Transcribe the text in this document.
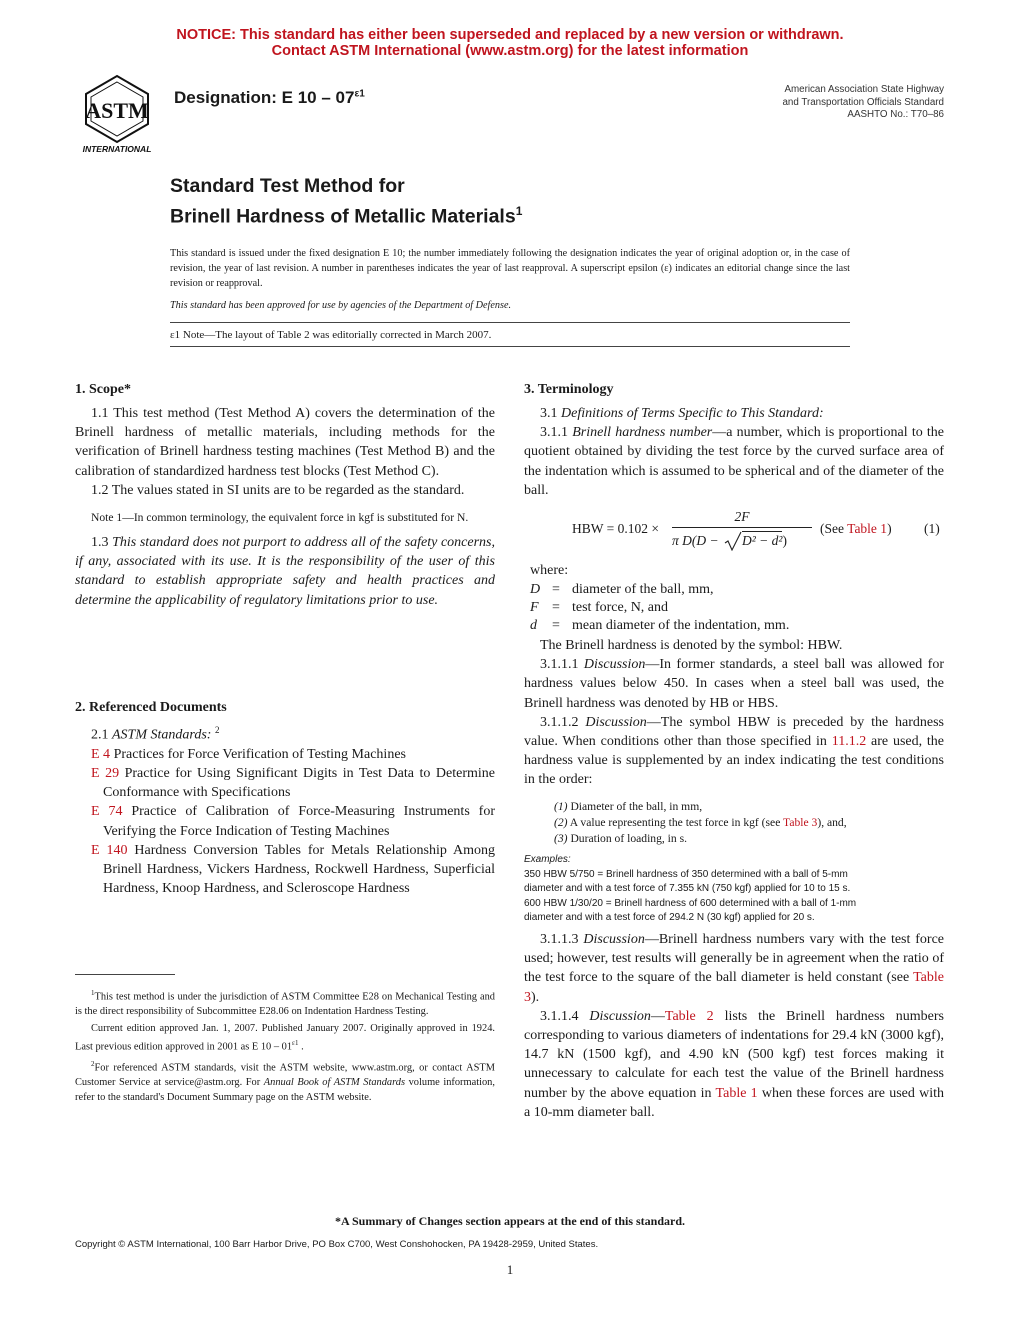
NOTICE: This standard has either been superseded and replaced by a new version or withdrawn.
Contact ASTM International (www.astm.org) for the latest information
ASTM
INTERNATIONAL
Designation: E $10 - 07^{\varepsilon 1}$	American Association State Highway
and Transportation Officials Standard
AASHTO No.: T70–86
Standard Test Method for
Brinell Hardness of Metallic Materials$^1$
This standard is issued under the fixed designation E 10; the number immediately following the designation indicates the year of original adoption or, in the case of revision, the year of last revision. A number in parentheses indicates the year of last reapproval. A superscript epsilon (ε) indicates an editorial change since the last revision or reapproval.
This standard has been approved for use by agencies of the Department of Defense.
ε1 Note—The layout of Table 2 was editorially corrected in March 2007.
1. Scope*

1.1 This test method (Test Method A) covers the determination of the Brinell hardness of metallic materials, including methods for the verification of Brinell hardness testing machines (Test Method B) and the calibration of standardized hardness test blocks (Test Method C).

1.2 The values stated in SI units are to be regarded as the standard.

Note 1—In common terminology, the equivalent force in kgf is substituted for N.

1.3 This standard does not purport to address all of the safety concerns, if any, associated with its use. It is the responsibility of the user of this standard to establish appropriate safety and health practices and determine the applicability of regulatory limitations prior to use.

2. Referenced Documents

2.1 ASTM Standards: $^2$

E 4 Practices for Force Verification of Testing Machines

E 29 Practice for Using Significant Digits in Test Data to Determine Conformance with Specifications

E 74 Practice of Calibration of Force-Measuring Instruments for Verifying the Force Indication of Testing Machines

E 140 Hardness Conversion Tables for Metals Relationship Among Brinell Hardness, Vickers Hardness, Rockwell Hardness, Superficial Hardness, Knoop Hardness, and Scleroscope Hardness

$^1$This test method is under the jurisdiction of ASTM Committee E28 on Mechanical Testing and is the direct responsibility of Subcommittee E28.06 on Indentation Hardness Testing.

Current edition approved Jan. 1, 2007. Published January 2007. Originally approved in 1924. Last previous edition approved in 2001 as E $10 - 01^{\varepsilon 1}$ .

$^2$For referenced ASTM standards, visit the ASTM website, www.astm.org, or contact ASTM Customer Service at service@astm.org. For Annual Book of ASTM Standards volume information, refer to the standard's Document Summary page on the ASTM website.

3. Terminology

3.1 Definitions of Terms Specific to This Standard:

3.1.1 Brinell hardness number—a number, which is proportional to the quotient obtained by dividing the test force by the curved surface area of the indentation which is assumed to be spherical and of the diameter of the ball.

HBW = 0.102 ×
2F
π D(D − D² − d²)
(See Table 1) (1)
where:
D = diameter of the ball, mm,
F = test force, N, and
d = mean diameter of the indentation, mm.

The Brinell hardness is denoted by the symbol: HBW.

3.1.1.1 Discussion—In former standards, a steel ball was allowed for hardness values below 450. In cases when a steel ball was used, the Brinell hardness was denoted by HB or HBS.

3.1.1.2 Discussion—The symbol HBW is preceded by the hardness value. When conditions other than those specified in 11.1.2 are used, the hardness value is supplemented by an index indicating the test conditions in the order:

(1) Diameter of the ball, in mm,

(2) A value representing the test force in kgf (see Table 3), and,

(3) Duration of loading, in s.

Examples:
350 HBW 5/750 = Brinell hardness of 350 determined with a ball of 5-mm
diameter and with a test force of 7.355 kN (750 kgf) applied for 10 to 15 s.
600 HBW 1/30/20 = Brinell hardness of 600 determined with a ball of 1-mm
diameter and with a test force of 294.2 N (30 kgf) applied for 20 s.

3.1.1.3 Discussion—Brinell hardness numbers vary with the test force used; however, test results will generally be in agreement when the ratio of the test force to the square of the ball diameter is held constant (see Table 3).

3.1.1.4 Discussion—Table 2 lists the Brinell hardness numbers corresponding to various diameters of indentations for 29.4 kN (3000 kgf), 14.7 kN (1500 kgf), and 4.90 kN (500 kgf) test forces making it unnecessary to calculate for each test the value of the Brinell hardness number by the above equation in Table 1 when these forces are used with a 10-mm diameter ball.

*A Summary of Changes section appears at the end of this standard.
Copyright © ASTM International, 100 Barr Harbor Drive, PO Box C700, West Conshohocken, PA 19428-2959, United States.
1
